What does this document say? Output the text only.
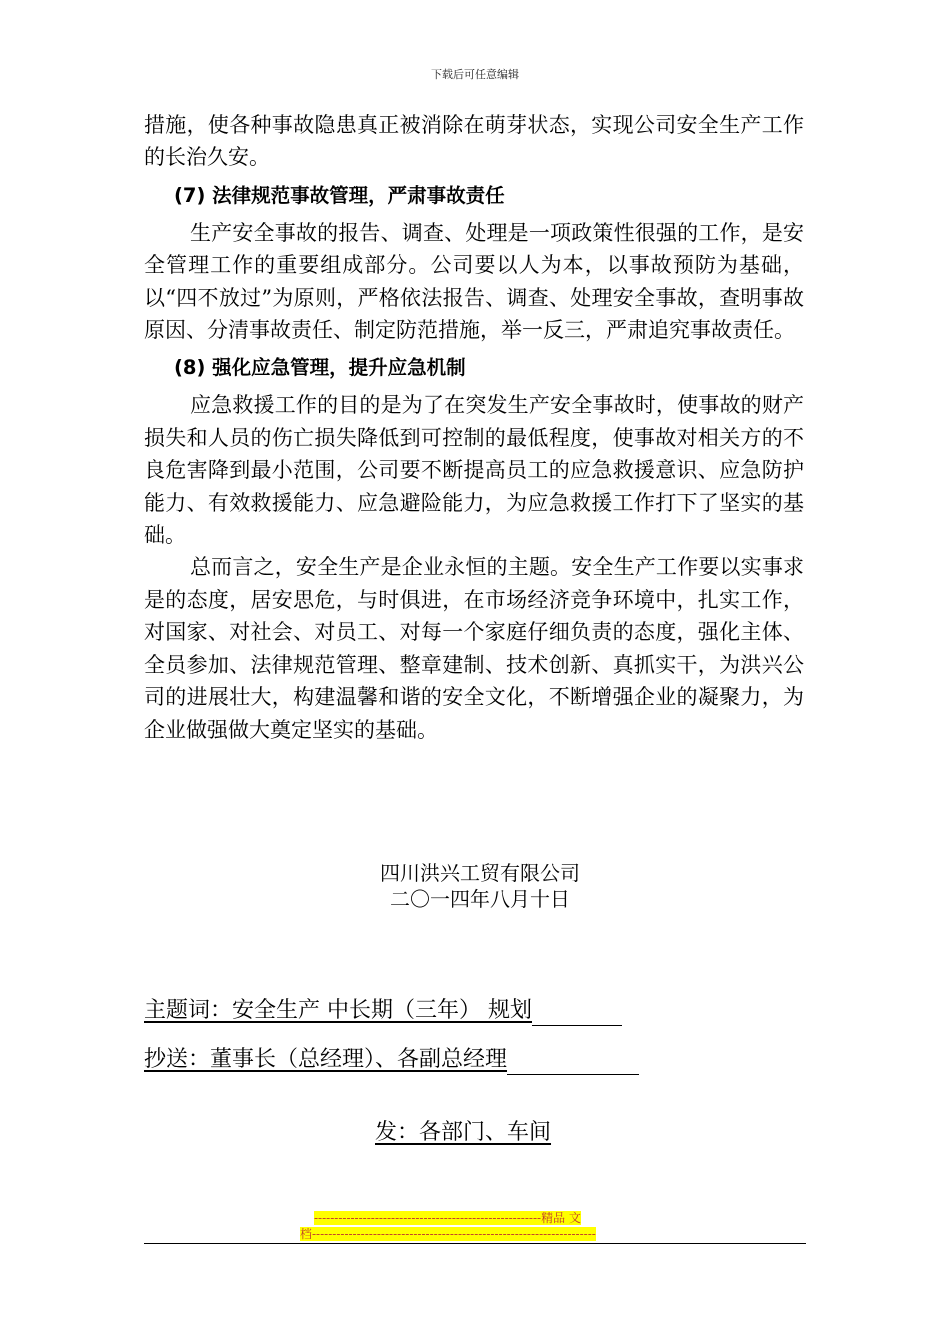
下载后可任意编辑

措施，使各种事故隐患真正被消除在萌芽状态，实现公司安全生产工作的长治久安。

(7) 法律规范事故管理，严肃事故责任

生产安全事故的报告、调查、处理是一项政策性很强的工作，是安全管理工作的重要组成部分。公司要以人为本，以事故预防为基础，以“四不放过”为原则，严格依法报告、调查、处理安全事故，查明事故原因、分清事故责任、制定防范措施，举一反三，严肃追究事故责任。

(8) 强化应急管理，提升应急机制

应急救援工作的目的是为了在突发生产安全事故时，使事故的财产损失和人员的伤亡损失降低到可控制的最低程度，使事故对相关方的不良危害降到最小范围，公司要不断提高员工的应急救援意识、应急防护能力、有效救援能力、应急避险能力，为应急救援工作打下了坚实的基础。

总而言之，安全生产是企业永恒的主题。安全生产工作要以实事求是的态度，居安思危，与时俱进，在市场经济竞争环境中，扎实工作，对国家、对社会、对员工、对每一个家庭仔细负责的态度，强化主体、全员参加、法律规范管理、整章建制、技术创新、真抓实干，为洪兴公司的进展壮大，构建温馨和谐的安全文化，不断增强企业的凝聚力，为企业做强做大奠定坚实的基础。

四川洪兴工贸有限公司
二〇一四年八月十日
主题词：安全生产 中长期（三年） 规划
抄送：董事长（总经理）、各副总经理
发：各部门、车间
--------------------------------------------------------精品 文
档----------------------------------------------------------------------
